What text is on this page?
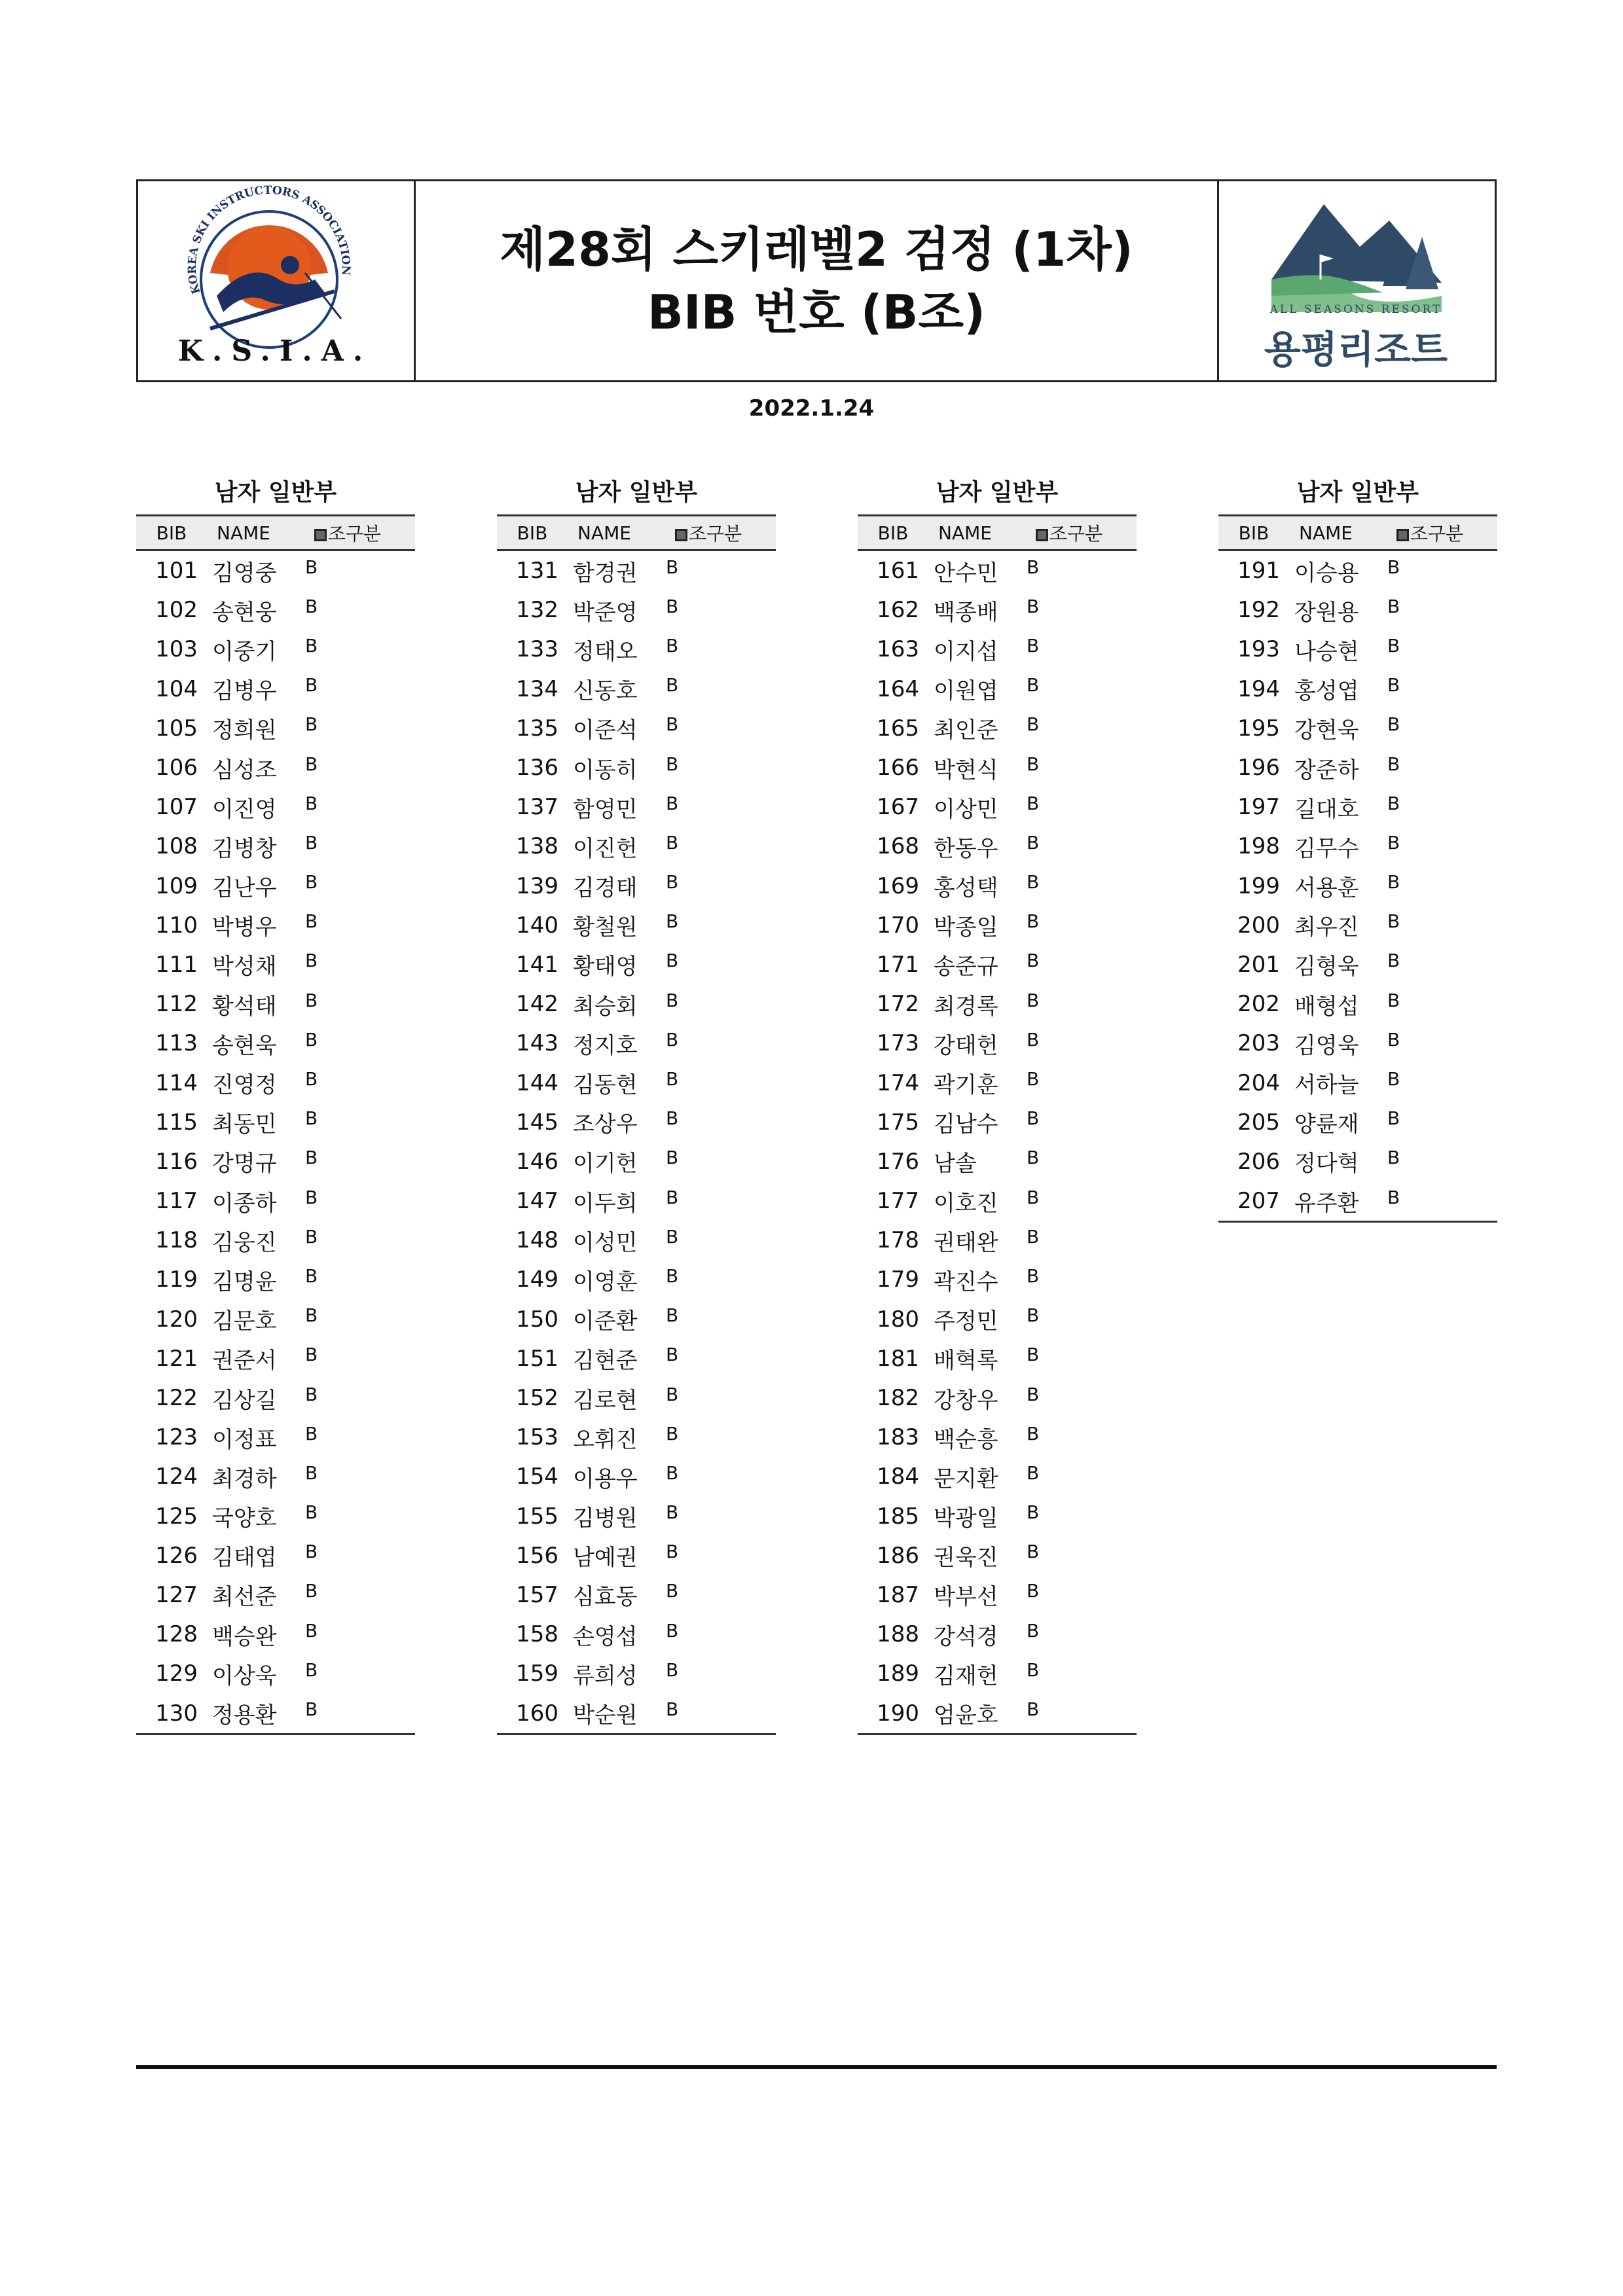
KOREA SKI INSTRUCTORS ASSOCIATION
K.S.I.A.
제28회 스키레벨2 검정 (1차)
BIB 번호 (B조)	ALL SEASONS RESORT
용평리조트
2022.1.24
남자 일반부
BIB	NAME	조구분
101 김영중	B
102 송현웅	B
103 이중기	B
104 김병우	B
105 정희원	B
106 심성조	B
107 이진영	B
108 김병창	B
109 김난우	B
110 박병우	B
111 박성채	B
112 황석태	B
113 송현욱	B
114 진영정	B
115 최동민	B
116 강명규	B
117 이종하	B
118 김웅진	B
119 김명윤	B
120 김문호	B
121 권준서	B
122 김상길	B
123 이정표	B
124 최경하	B
125 국양호	B
126 김태엽	B
127 최선준	B
128 백승완	B
129 이상욱	B
130 정용환	B
남자 일반부
BIB	NAME	조구분
131 함경권	B
132 박준영	B
133 정태오	B
134 신동호	B
135 이준석	B
136 이동히	B
137 함영민	B
138 이진헌	B
139 김경태	B
140 황철원	B
141 황태영	B
142 최승회	B
143 정지호	B
144 김동현	B
145 조상우	B
146 이기헌	B
147 이두희	B
148 이성민	B
149 이영훈	B
150 이준환	B
151 김현준	B
152 김로현	B
153 오휘진	B
154 이용우	B
155 김병원	B
156 남예권	B
157 심효동	B
158 손영섭	B
159 류희성	B
160 박순원	B
남자 일반부
BIB	NAME	조구분
161 안수민	B
162 백종배	B
163 이지섭	B
164 이원엽	B
165 최인준	B
166 박현식	B
167 이상민	B
168 한동우	B
169 홍성택	B
170 박종일	B
171 송준규	B
172 최경록	B
173 강태헌	B
174 곽기훈	B
175 김남수	B
176 남솔	B
177 이호진	B
178 권태완	B
179 곽진수	B
180 주정민	B
181 배혁록	B
182 강창우	B
183 백순흥	B
184 문지환	B
185 박광일	B
186 권욱진	B
187 박부선	B
188 강석경	B
189 김재헌	B
190 엄윤호	B
남자 일반부
BIB	NAME	조구분
191 이승용	B
192 장원용	B
193 나승현	B
194 홍성엽	B
195 강현욱	B
196 장준하	B
197 길대호	B
198 김무수	B
199 서용훈	B
200 최우진	B
201 김형욱	B
202 배형섭	B
203 김영욱	B
204 서하늘	B
205 양륜재	B
206 정다혁	B
207 유주환	B
